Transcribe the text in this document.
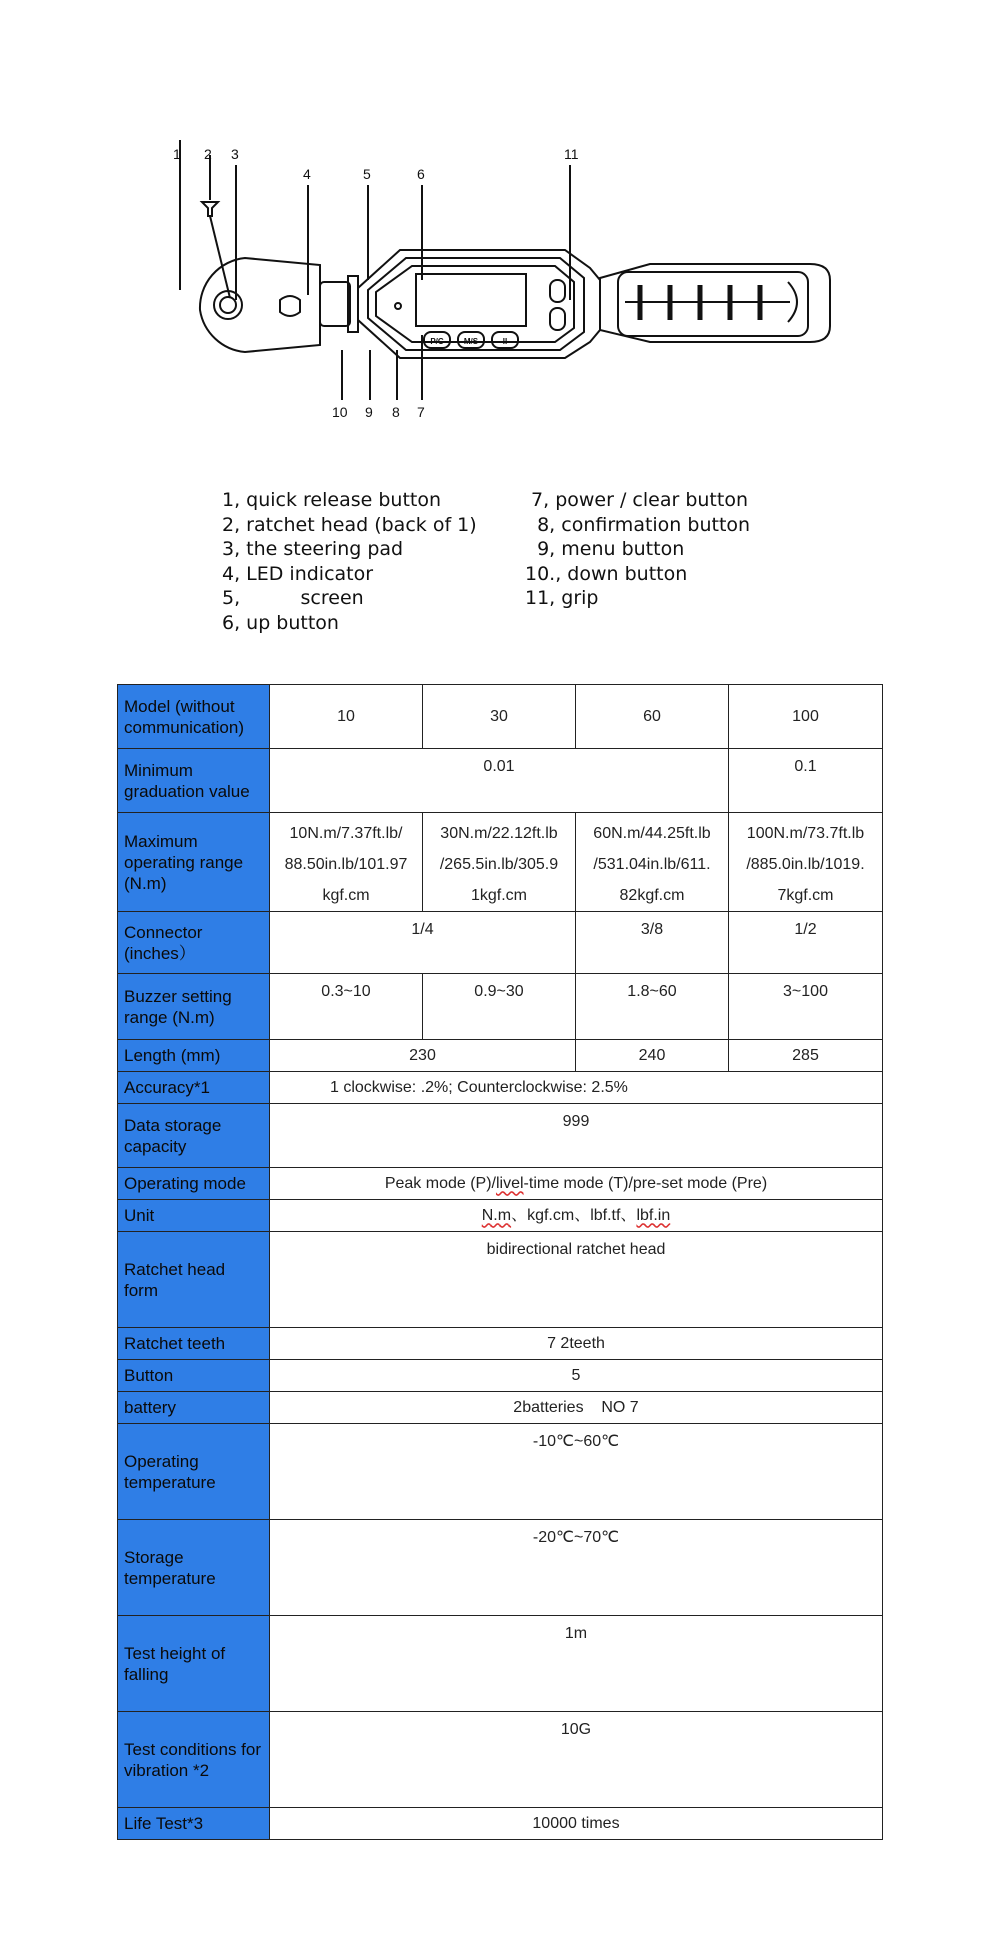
P/C	M/S	II
1 2 3
4	5	6
11
10 9 8 7
1, quick release button
2, ratchet head (back of 1)
3, the steering pad
4, LED indicator
5,          screen
6, up button
7, power / clear button
8, confirmation button
9, menu button
10., down button
11, grip
Model (without communication)	10	30	60	100
Minimum graduation value	0.01			0.1
Maximum operating range (N.m)	10N.m/7.37ft.lb/ 88.50in.lb/101.97 kgf.cm	30N.m/22.12ft.lb /265.5in.lb/305.9 1kgf.cm	60N.m/44.25ft.lb /531.04in.lb/611. 82kgf.cm	100N.m/73.7ft.lb /885.0in.lb/1019. 7kgf.cm
Connector (inches）	1/4		3/8	1/2
Buzzer setting range (N.m)	0.3~10	0.9~30	1.8~60	3~100
Length (mm)	230		240	285
Accuracy*1	1 clockwise: .2%; Counterclockwise: 2.5%			
Data storage capacity	999			
Operating mode	Peak mode (P)/livel-time mode (T)/pre-set mode (Pre)			
Unit	N.m、kgf.cm、lbf.tf、lbf.in			
Ratchet head form	bidirectional ratchet head			
Ratchet teeth	7 2teeth			
Button	5			
battery	2batteries    NO 7			
Operating temperature	-10℃~60℃			
Storage temperature	-20℃~70℃			
Test height of falling	1m			
Test conditions for vibration *2	10G			
Life Test*3	10000 times			
